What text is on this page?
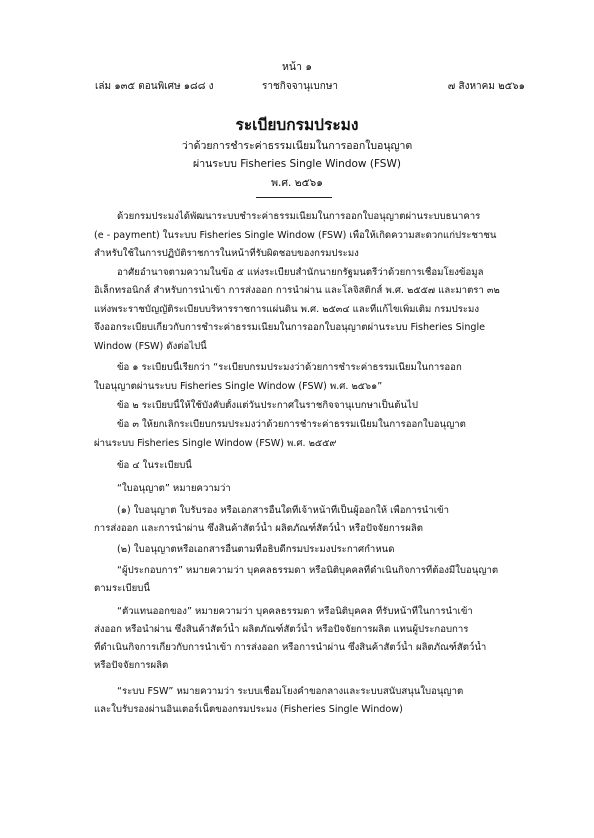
หน้า ๑
เล่ม ๑๓๕ ตอนพิเศษ ๑๘๘ ง	ราชกิจจานุเบกษา	๗ สิงหาคม ๒๕๖๑
ระเบียบกรมประมง
ว่าด้วยการชำระค่าธรรมเนียมในการออกใบอนุญาต
ผ่านระบบ Fisheries Single Window (FSW)
พ.ศ. ๒๕๖๑
ด้วยกรมประมงได้พัฒนาระบบชำระค่าธรรมเนียมในการออกใบอนุญาตผ่านระบบธนาคาร
(e - payment) ในระบบ Fisheries Single Window (FSW) เพื่อให้เกิดความสะดวกแก่ประชาชน
สำหรับใช้ในการปฏิบัติราชการในหน้าที่รับผิดชอบของกรมประมง
อาศัยอำนาจตามความในข้อ ๕ แห่งระเบียบสำนักนายกรัฐมนตรีว่าด้วยการเชื่อมโยงข้อมูล
อิเล็กทรอนิกส์ สำหรับการนำเข้า การส่งออก การนำผ่าน และโลจิสติกส์ พ.ศ. ๒๕๕๗ และมาตรา ๓๒
แห่งพระราชบัญญัติระเบียบบริหารราชการแผ่นดิน พ.ศ. ๒๕๓๔ และที่แก้ไขเพิ่มเติม กรมประมง
จึงออกระเบียบเกี่ยวกับการชำระค่าธรรมเนียมในการออกใบอนุญาตผ่านระบบ Fisheries Single
Window (FSW) ดังต่อไปนี้
ข้อ ๑ ระเบียบนี้เรียกว่า “ระเบียบกรมประมงว่าด้วยการชำระค่าธรรมเนียมในการออก
ใบอนุญาตผ่านระบบ Fisheries Single Window (FSW) พ.ศ. ๒๕๖๑”
ข้อ ๒ ระเบียบนี้ให้ใช้บังคับตั้งแต่วันประกาศในราชกิจจานุเบกษาเป็นต้นไป
ข้อ ๓ ให้ยกเลิกระเบียบกรมประมงว่าด้วยการชำระค่าธรรมเนียมในการออกใบอนุญาต
ผ่านระบบ Fisheries Single Window (FSW) พ.ศ. ๒๕๕๙
ข้อ ๔ ในระเบียบนี้
“ใบอนุญาต” หมายความว่า
(๑) ใบอนุญาต ใบรับรอง หรือเอกสารอื่นใดที่เจ้าหน้าที่เป็นผู้ออกให้ เพื่อการนำเข้า
การส่งออก และการนำผ่าน ซึ่งสินค้าสัตว์น้ำ ผลิตภัณฑ์สัตว์น้ำ หรือปัจจัยการผลิต
(๒) ใบอนุญาตหรือเอกสารอื่นตามที่อธิบดีกรมประมงประกาศกำหนด
“ผู้ประกอบการ” หมายความว่า บุคคลธรรมดา หรือนิติบุคคลที่ดำเนินกิจการที่ต้องมีใบอนุญาต
ตามระเบียบนี้
“ตัวแทนออกของ” หมายความว่า บุคคลธรรมดา หรือนิติบุคคล ที่รับหน้าที่ในการนำเข้า
ส่งออก หรือนำผ่าน ซึ่งสินค้าสัตว์น้ำ ผลิตภัณฑ์สัตว์น้ำ หรือปัจจัยการผลิต แทนผู้ประกอบการ
ที่ดำเนินกิจการเกี่ยวกับการนำเข้า การส่งออก หรือการนำผ่าน ซึ่งสินค้าสัตว์น้ำ ผลิตภัณฑ์สัตว์น้ำ
หรือปัจจัยการผลิต
“ระบบ FSW” หมายความว่า ระบบเชื่อมโยงคำขอกลางและระบบสนับสนุนใบอนุญาต
และใบรับรองผ่านอินเตอร์เน็ตของกรมประมง (Fisheries Single Window)
